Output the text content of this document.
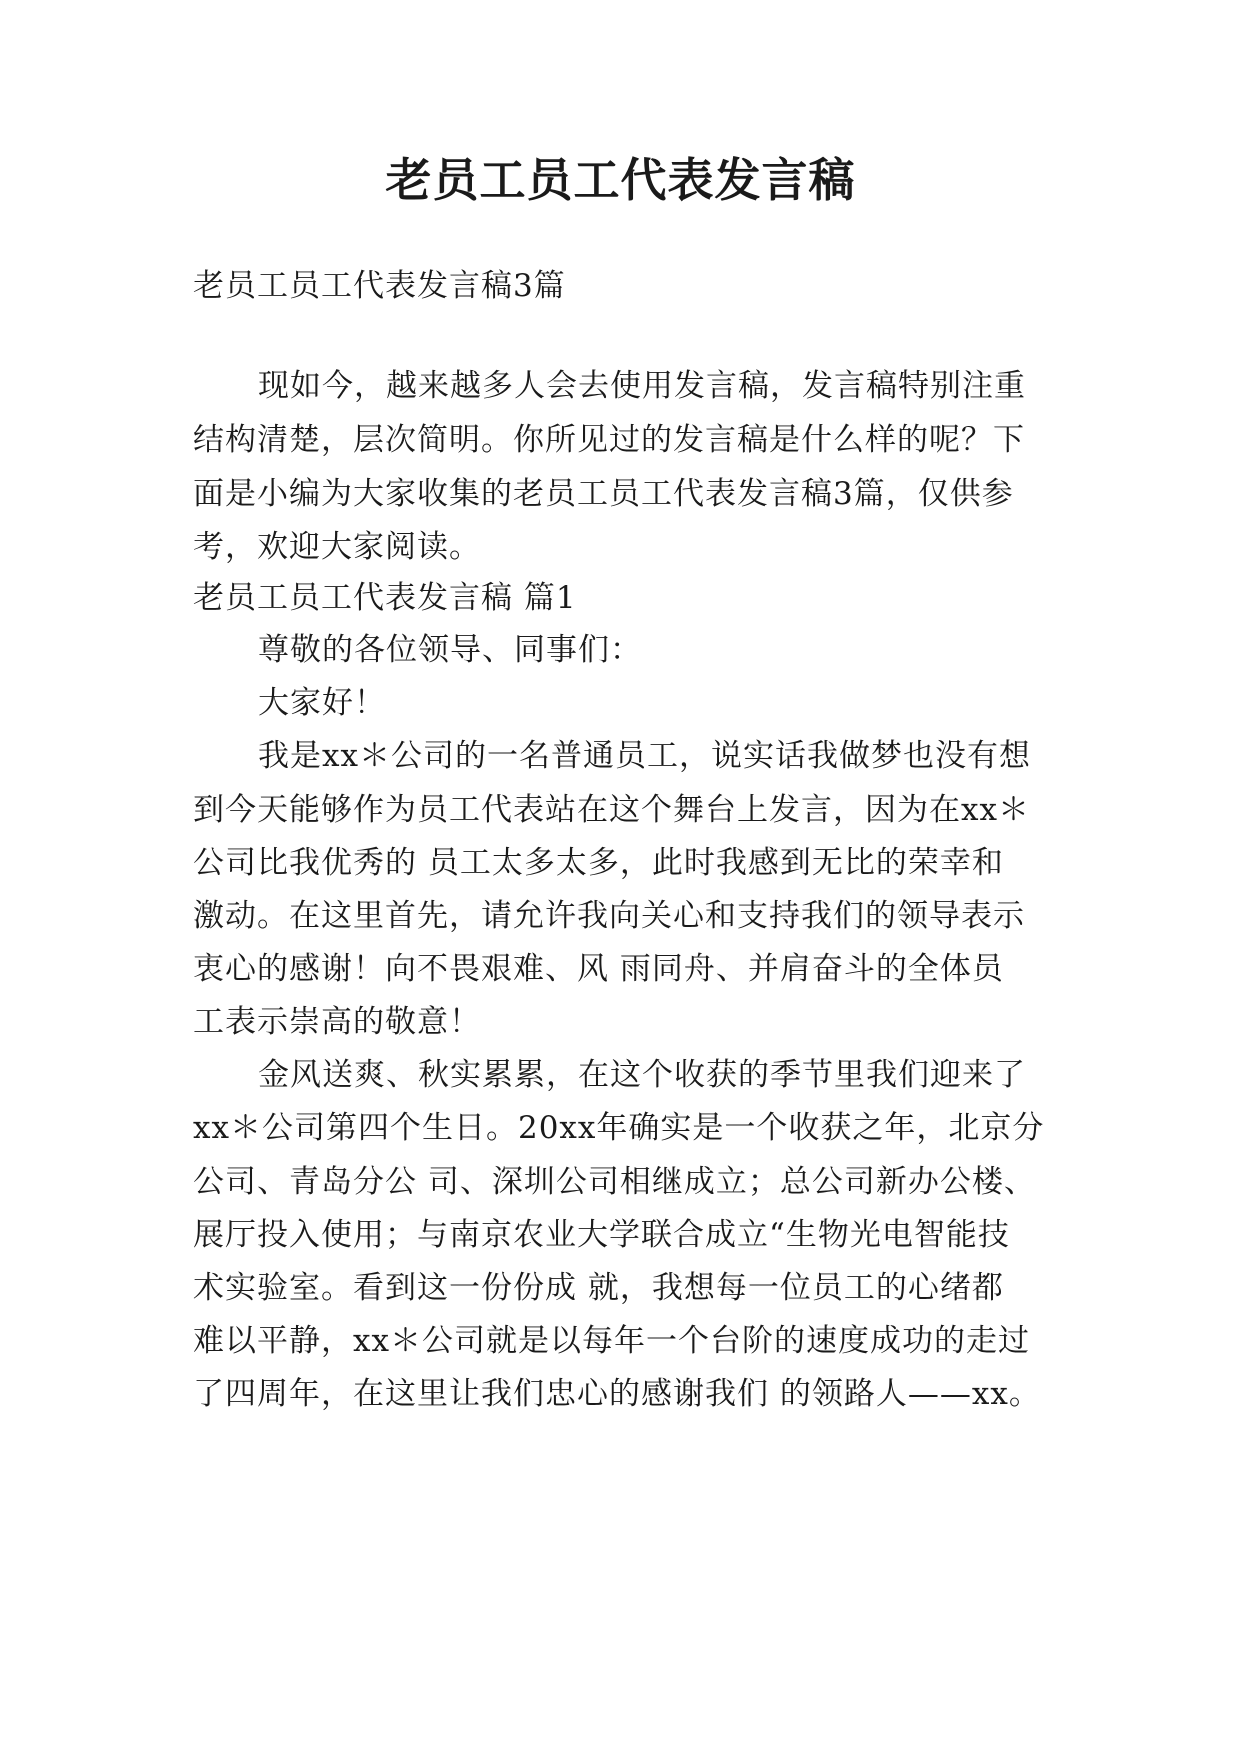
老员工员工代表发言稿
老员工员工代表发言稿3篇
现如今，越来越多人会去使用发言稿，发言稿特别注重
结构清楚，层次简明。你所见过的发言稿是什么样的呢？下
面是小编为大家收集的老员工员工代表发言稿3篇，仅供参
考，欢迎大家阅读。
老员工员工代表发言稿 篇1
尊敬的各位领导、同事们：
大家好！
我是xx＊公司的一名普通员工，说实话我做梦也没有想
到今天能够作为员工代表站在这个舞台上发言，因为在xx＊
公司比我优秀的 员工太多太多，此时我感到无比的荣幸和
激动。在这里首先，请允许我向关心和支持我们的领导表示
衷心的感谢！向不畏艰难、风 雨同舟、并肩奋斗的全体员
工表示崇高的敬意！
金风送爽、秋实累累，在这个收获的季节里我们迎来了
xx＊公司第四个生日。20xx年确实是一个收获之年，北京分
公司、青岛分公 司、深圳公司相继成立；总公司新办公楼、
展厅投入使用；与南京农业大学联合成立“生物光电智能技
术实验室。看到这一份份成 就，我想每一位员工的心绪都
难以平静，xx＊公司就是以每年一个台阶的速度成功的走过
了四周年，在这里让我们忠心的感谢我们 的领路人——xx。
